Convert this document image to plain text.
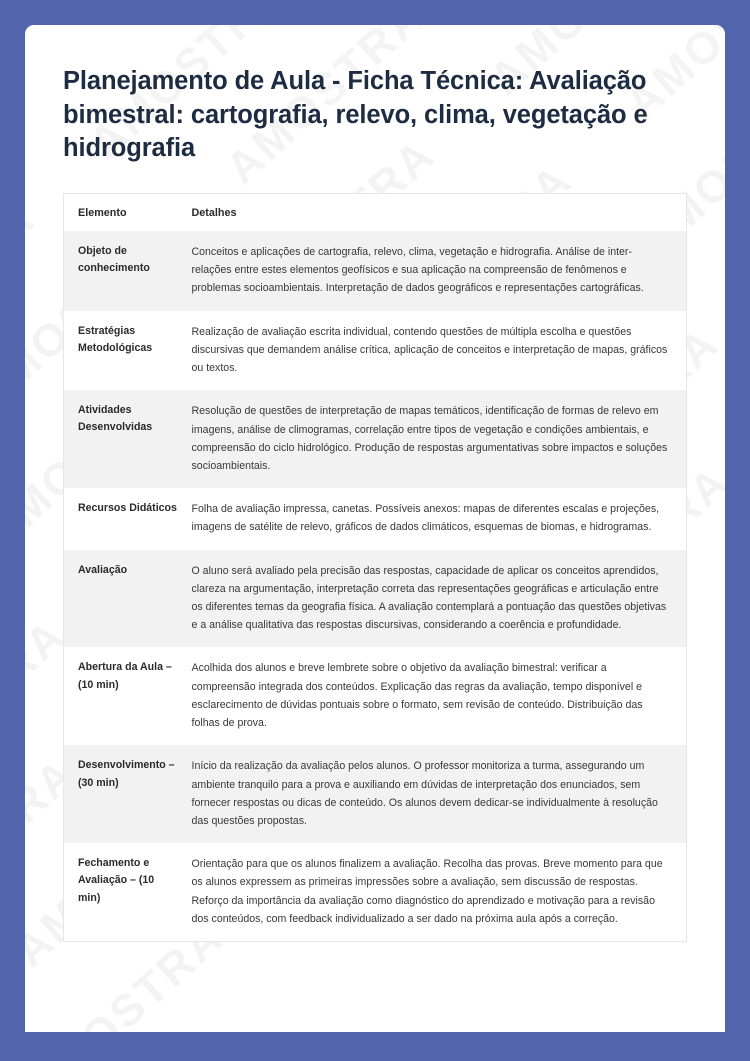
Planejamento de Aula - Ficha Técnica: Avaliação bimestral: cartografia, relevo, clima, vegetação e hidrografia
Elemento	Detalhes
Objeto de conhecimento	Conceitos e aplicações de cartografia, relevo, clima, vegetação e hidrografia. Análise de inter-relações entre estes elementos geofísicos e sua aplicação na compreensão de fenômenos e problemas socioambientais. Interpretação de dados geográficos e representações cartográficas.
Estratégias Metodológicas	Realização de avaliação escrita individual, contendo questões de múltipla escolha e questões discursivas que demandem análise crítica, aplicação de conceitos e interpretação de mapas, gráficos ou textos.
Atividades Desenvolvidas	Resolução de questões de interpretação de mapas temáticos, identificação de formas de relevo em imagens, análise de climogramas, correlação entre tipos de vegetação e condições ambientais, e compreensão do ciclo hidrológico. Produção de respostas argumentativas sobre impactos e soluções socioambientais.
Recursos Didáticos	Folha de avaliação impressa, canetas. Possíveis anexos: mapas de diferentes escalas e projeções, imagens de satélite de relevo, gráficos de dados climáticos, esquemas de biomas, e hidrogramas.
Avaliação	O aluno será avaliado pela precisão das respostas, capacidade de aplicar os conceitos aprendidos, clareza na argumentação, interpretação correta das representações geográficas e articulação entre os diferentes temas da geografia física. A avaliação contemplará a pontuação das questões objetivas e a análise qualitativa das respostas discursivas, considerando a coerência e profundidade.
Abertura da Aula – (10 min)	Acolhida dos alunos e breve lembrete sobre o objetivo da avaliação bimestral: verificar a compreensão integrada dos conteúdos. Explicação das regras da avaliação, tempo disponível e esclarecimento de dúvidas pontuais sobre o formato, sem revisão de conteúdo. Distribuição das folhas de prova.
Desenvolvimento – (30 min)	Início da realização da avaliação pelos alunos. O professor monitoriza a turma, assegurando um ambiente tranquilo para a prova e auxiliando em dúvidas de interpretação dos enunciados, sem fornecer respostas ou dicas de conteúdo. Os alunos devem dedicar-se individualmente à resolução das questões propostas.
Fechamento e Avaliação – (10 min)	Orientação para que os alunos finalizem a avaliação. Recolha das provas. Breve momento para que os alunos expressem as primeiras impressões sobre a avaliação, sem discussão de respostas. Reforço da importância da avaliação como diagnóstico do aprendizado e motivação para a revisão dos conteúdos, com feedback individualizado a ser dado na próxima aula após a correção.
